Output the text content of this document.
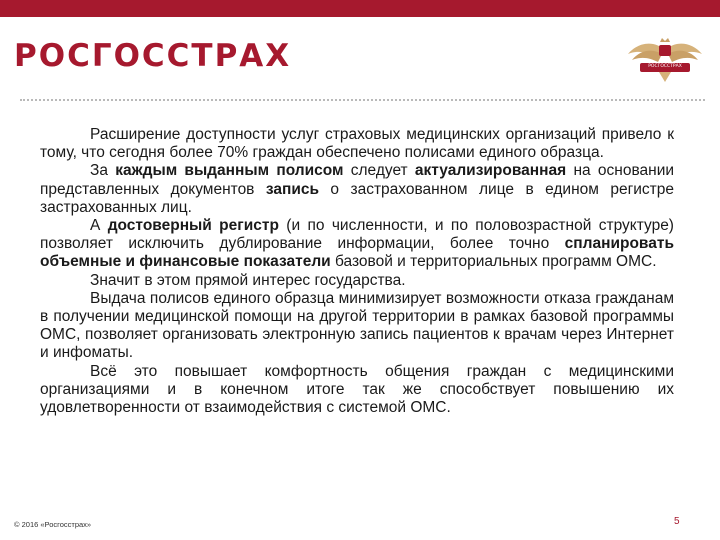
РОСГОССТРАХ	РОСГОССТРАХ

Расширение доступности услуг страховых медицинских организаций привело к тому, что сегодня более 70% граждан обеспечено полисами единого образца.

За каждым выданным полисом следует актуализированная на основании представленных документов запись о застрахованном лице в едином регистре застрахованных лиц.

А достоверный регистр (и по численности, и по половозрастной структуре) позволяет исключить дублирование информации, более точно спланировать объемные и финансовые показатели базовой и территориальных программ ОМС.

Значит в этом прямой интерес государства.

Выдача полисов единого образца минимизирует возможности отказа гражданам в получении медицинской помощи на другой территории в рамках базовой программы ОМС, позволяет организовать электронную запись пациентов к врачам через Интернет и инфоматы.

Всё это повышает комфортность общения граждан с медицинскими организациями и в конечном итоге так же способствует повышению их удовлетворенности от взаимодействия с системой ОМС.

© 2016 «Росгосстрах»	5
